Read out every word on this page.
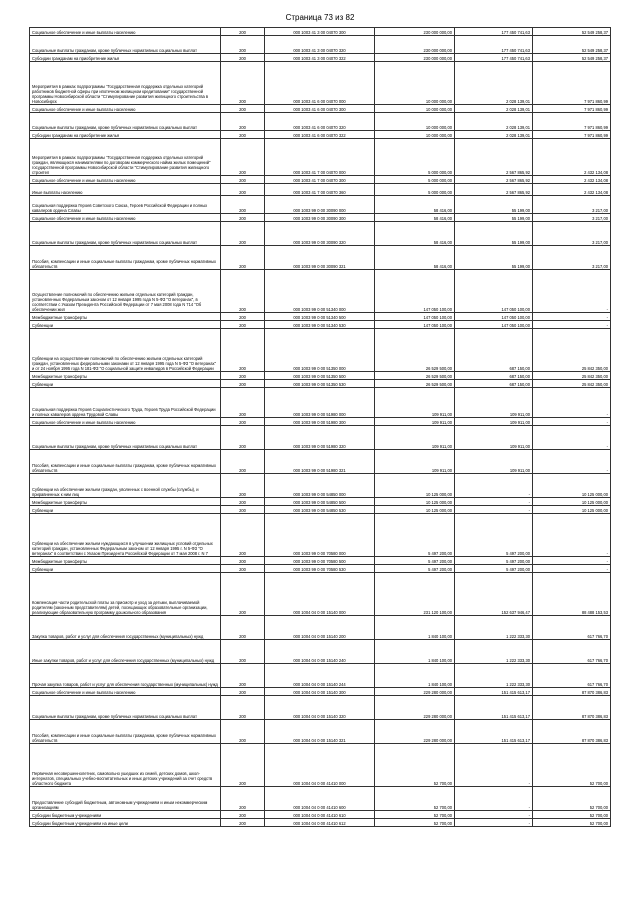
Страница 73 из 82
Социальное обеспечение и иные выплаты населению	200	000 1003 41 3 00 04070 300	230 000 000,00	177 450 741,63	52 549 258,37
Социальные выплаты гражданам, кроме публичных нормативных социальных выплат	200	000 1003 41 3 00 04070 320	230 000 000,00	177 450 741,63	52 549 258,37
Субсидии гражданам на приобретение жилья	200	000 1003 41 3 00 04070 322	230 000 000,00	177 450 741,63	52 549 258,37
Мероприятия в рамках подпрограммы "Государственная поддержка отдельных категорий работников бюджетной сферы при ипотечном жилищном кредитовании" государственной программы Новосибирской области "Стимулирование развития жилищного строительства в Новосибирск	200	000 1003 41 6 00 04070 000	10 000 000,00	2 028 139,01	7 971 860,99
Социальное обеспечение и иные выплаты населению	200	000 1003 41 6 00 04070 300	10 000 000,00	2 028 139,01	7 971 860,99
Социальные выплаты гражданам, кроме публичных нормативных социальных выплат	200	000 1003 41 6 00 04070 320	10 000 000,00	2 028 139,01	7 971 860,99
Субсидии гражданам на приобретение жилья	200	000 1003 41 6 00 04070 322	10 000 000,00	2 028 139,01	7 971 860,99
Мероприятия в рамках подпрограммы "Государственная поддержка отдельных категорий граждан, являющихся нанимателями по договорам коммерческого найма жилых помещений" государственной программы Новосибирской области "Стимулирование развития жилищного строител	200	000 1003 41 7 00 04070 000	5 000 000,00	2 567 865,92	2 432 134,08
Социальное обеспечение и иные выплаты населению	200	000 1003 41 7 00 04070 300	5 000 000,00	2 567 865,92	2 432 134,08
Иные выплаты населению	200	000 1003 41 7 00 04070 360	5 000 000,00	2 567 865,92	2 432 134,08
Социальная поддержка Героев Советского Союза, Героев Российской Федерации и полных кавалеров ордена Славы	200	000 1003 99 0 00 30090 000	58 416,00	55 199,00	3 217,00
Социальное обеспечение и иные выплаты населению	200	000 1003 99 0 00 30090 300	58 416,00	55 199,00	3 217,00
Социальные выплаты гражданам, кроме публичных нормативных социальных выплат	200	000 1003 99 0 00 30090 320	58 416,00	55 199,00	3 217,00
Пособия, компенсации и иные социальные выплаты гражданам, кроме публичных нормативных обязательств	200	000 1003 99 0 00 30090 321	58 416,00	55 199,00	3 217,00
Осуществление полномочий по обеспечению жильем отдельных категорий граждан, установленных Федеральным законом от 12 января 1995 года N 5-ФЗ "О ветеранах", в соответствии с Указом Президента Российской Федерации от 7 мая 2008 года N 714 "Об обеспечении жил	200	000 1003 99 0 00 51340 000	147 050 100,00	147 050 100,00	-
Межбюджетные трансферты	200	000 1003 99 0 00 51340 500	147 050 100,00	147 050 100,00	-
Субвенции	200	000 1003 99 0 00 51340 530	147 050 100,00	147 050 100,00	-
Субвенции на осуществление полномочий по обеспечению жильем отдельных категорий граждан, установленных федеральными законами от 12 января 1995 года N 5-ФЗ "О ветеранах" и от 24 ноября 1995 года N 181-ФЗ "О социальной защите инвалидов в Российской Федерации	200	000 1003 99 0 00 51350 000	26 529 500,00	687 150,00	25 842 350,00
Межбюджетные трансферты	200	000 1003 99 0 00 51350 500	26 529 500,00	687 150,00	25 842 350,00
Субвенции	200	000 1003 99 0 00 51350 530	26 529 500,00	687 150,00	25 842 350,00
Социальная поддержка Героев Социалистического Труда, Героев Труда Российской Федерации и полных кавалеров ордена Трудовой Славы	200	000 1003 99 0 00 51980 000	109 911,00	109 911,00	-
Социальное обеспечение и иные выплаты населению	200	000 1003 99 0 00 51980 300	109 911,00	109 911,00	-
Социальные выплаты гражданам, кроме публичных нормативных социальных выплат	200	000 1003 99 0 00 51980 320	109 911,00	109 911,00	-
Пособия, компенсации и иные социальные выплаты гражданам, кроме публичных нормативных обязательств	200	000 1003 99 0 00 51980 321	109 911,00	109 911,00	-
Субвенции на обеспечение жильем граждан, уволенных с военной службы (службы), и приравненных к ним лиц	200	000 1003 99 0 00 54850 000	10 125 000,00	-	10 125 000,00
Межбюджетные трансферты	200	000 1003 99 0 00 54850 500	10 125 000,00	-	10 125 000,00
Субвенции	200	000 1003 99 0 00 54850 530	10 125 000,00	-	10 125 000,00
Субвенции на обеспечение жильем нуждающихся в улучшении жилищных условий отдельных категорий граждан, установленных Федеральным законом от 12 января 1995 г. N 5-ФЗ "О ветеранах" в соответствии с Указом Президента Российской Федерации от 7 мая 2008 г. N 7	200	000 1003 99 0 00 70580 000	5 497 200,00	5 497 200,00	-
Межбюджетные трансферты	200	000 1003 99 0 00 70580 500	5 497 200,00	5 497 200,00	-
Субвенции	200	000 1003 99 0 00 70580 530	5 497 200,00	5 497 200,00	-
Компенсация части родительской платы за присмотр и уход за детьми, выплачиваемой родителям (законным представителям) детей, посещающих образовательные организации, реализующие образовательную программу дошкольного образования	200	000 1004 04 0 00 15140 000	231 120 100,00	152 637 946,47	88 488 153,53
Закупка товаров, работ и услуг для обеспечения государственных (муниципальных) нужд	200	000 1004 04 0 00 15140 200	1 840 100,00	1 222 333,30	617 766,70
Иные закупки товаров, работ и услуг для обеспечения государственных (муниципальных) нужд	200	000 1004 04 0 00 15140 240	1 840 100,00	1 222 333,30	617 766,70
Прочая закупка товаров, работ и услуг для обеспечения государственных (муниципальных) нужд	200	000 1004 04 0 00 15140 244	1 840 100,00	1 222 333,30	617 766,70
Социальное обеспечение и иные выплаты населению	200	000 1004 04 0 00 15140 300	229 280 000,00	151 415 613,17	87 870 386,83
Социальные выплаты гражданам, кроме публичных нормативных социальных выплат	200	000 1004 04 0 00 15140 320	229 280 000,00	151 415 613,17	87 870 386,83
Пособия, компенсации и иные социальные выплаты гражданам, кроме публичных нормативных обязательств	200	000 1004 04 0 00 15140 321	229 280 000,00	151 415 613,17	87 870 386,83
Первичная несовершеннолетних, самовольно ушедших из семей, детских домов, школ-интернатов, специальных учебно-воспитательных и иных детских учреждений за счет средств областного бюджета	200	000 1004 04 0 00 41410 000	52 700,00	-	52 700,00
Предоставление субсидий бюджетным, автономным учреждениям и иным некоммерческим организациям	200	000 1004 04 0 00 41410 600	52 700,00	-	52 700,00
Субсидии бюджетным учреждениям	200	000 1004 04 0 00 41410 610	52 700,00	-	52 700,00
Субсидии бюджетным учреждениям на иные цели	200	000 1004 04 0 00 41410 612	52 700,00	-	52 700,00
